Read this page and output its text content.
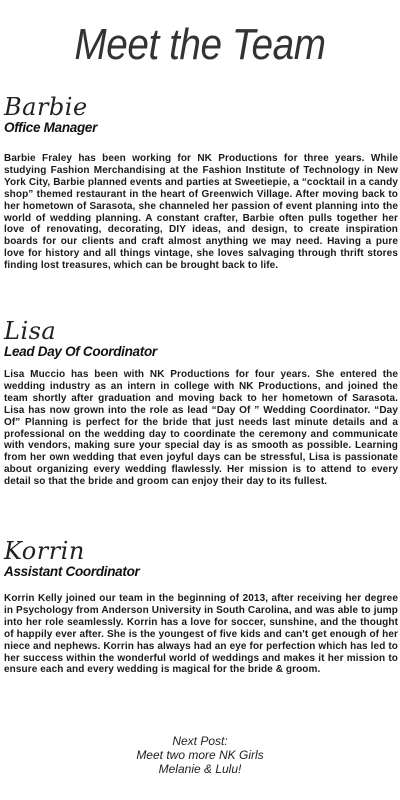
Meet the Team
Barbie
Office Manager

Barbie Fraley has been working for NK Productions for three years. While studying Fashion Merchandising at the Fashion Institute of Technology in New York City, Barbie planned events and parties at Sweetiepie, a “cocktail in a candy shop” themed restaurant in the heart of Greenwich Village. After moving back to her hometown of Sarasota, she channeled her passion of event planning into the world of wedding planning. A constant crafter, Barbie often pulls together her love of renovating, decorating, DIY ideas, and design, to create inspiration boards for our clients and craft almost anything we may need. Having a pure love for history and all things vintage, she loves salvaging through thrift stores finding lost treasures, which can be brought back to life.

Lisa
Lead Day Of Coordinator

Lisa Muccio has been with NK Productions for four years. She entered the wedding industry as an intern in college with NK Productions, and joined the team shortly after graduation and moving back to her hometown of Sarasota. Lisa has now grown into the role as lead “Day Of ” Wedding Coordinator. “Day Of” Planning is perfect for the bride that just needs last minute details and a professional on the wedding day to coordinate the ceremony and communicate with vendors, making sure your special day is as smooth as possible. Learning from her own wedding that even joyful days can be stressful, Lisa is passionate about organizing every wedding flawlessly. Her mission is to attend to every detail so that the bride and groom can enjoy their day to its fullest.

Korrin
Assistant Coordinator

Korrin Kelly joined our team in the beginning of 2013, after receiving her degree in Psychology from Anderson University in South Carolina, and was able to jump into her role seamlessly. Korrin has a love for soccer, sunshine, and the thought of happily ever after. She is the youngest of five kids and can't get enough of her niece and nephews. Korrin has always had an eye for perfection which has led to her success within the wonderful world of weddings and makes it her mission to ensure each and every wedding is magical for the bride & groom.

Next Post:
Meet two more NK Girls
Melanie & Lulu!
